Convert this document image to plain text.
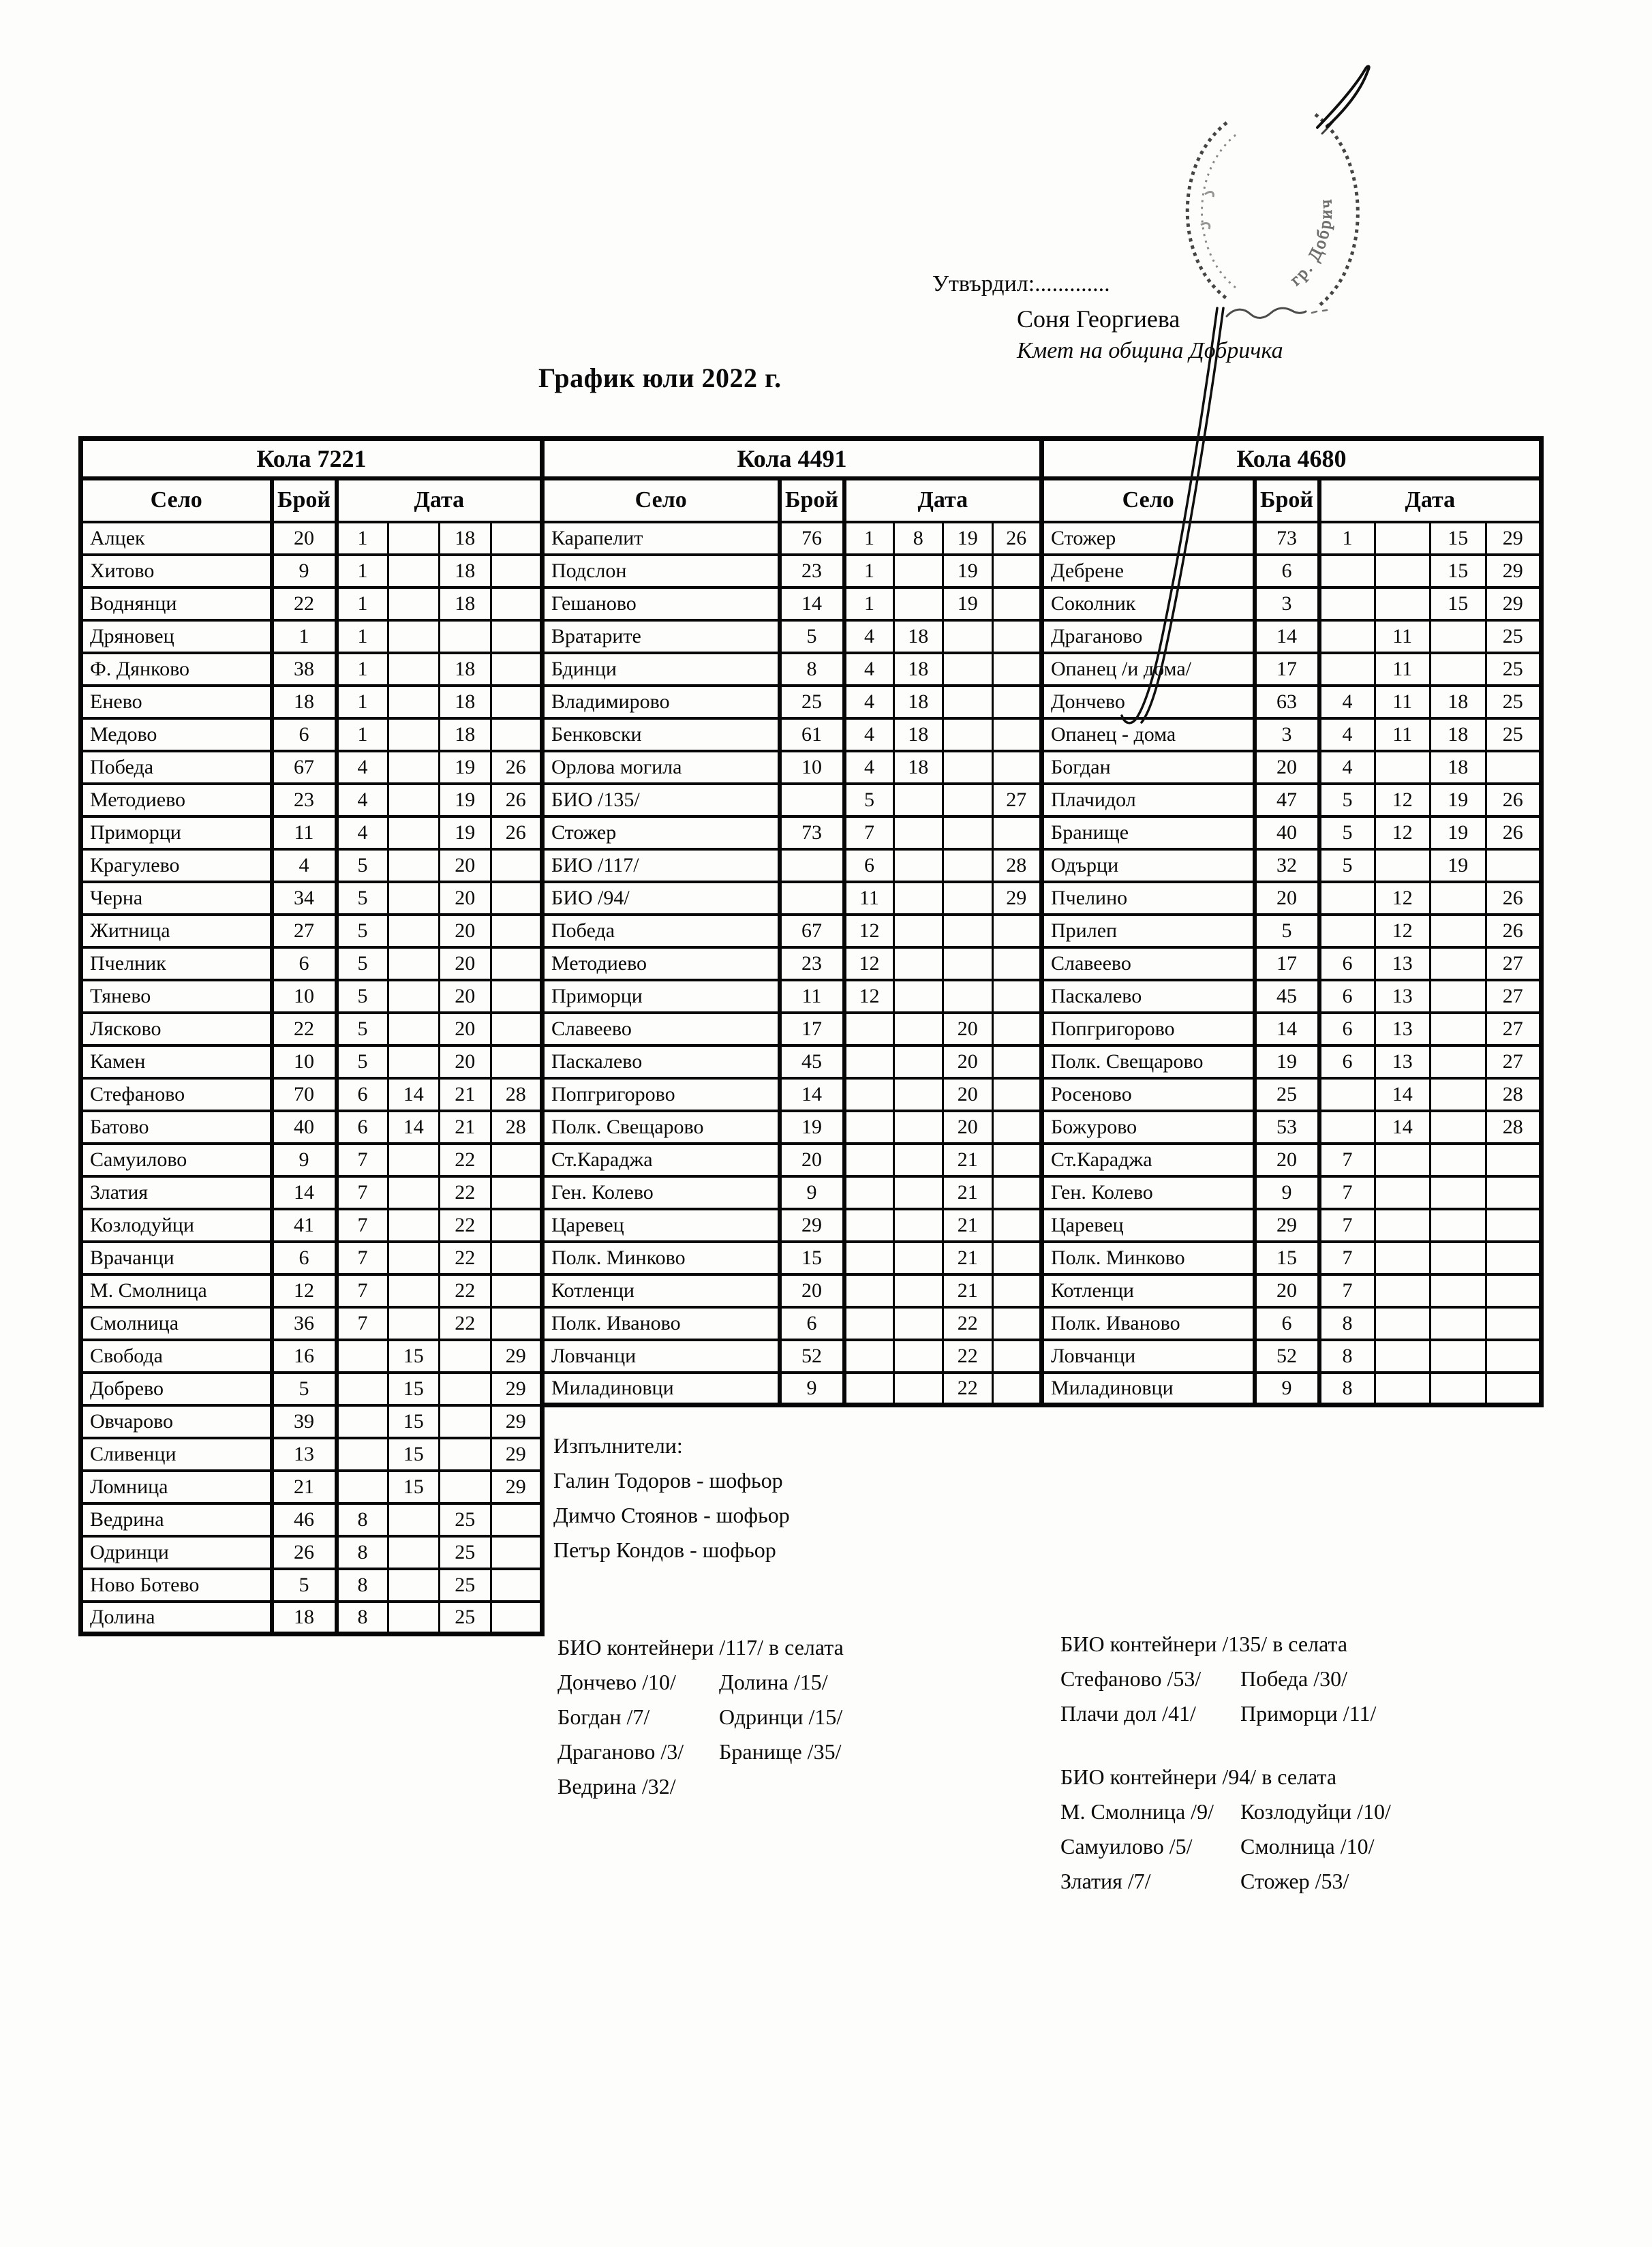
Утвърдил:.............
Соня Георгиева
Кмет на община Добричка
График юли 2022 г.
Кола 7221					
Село	Брой	Дата			
Алцек	20	1		18	
Хитово	9	1		18	
Воднянци	22	1		18	
Дряновец	1	1			
Ф. Дянково	38	1		18	
Енево	18	1		18	
Медово	6	1		18	
Победа	67	4		19	26
Методиево	23	4		19	26
Приморци	11	4		19	26
Крагулево	4	5		20	
Черна	34	5		20	
Житница	27	5		20	
Пчелник	6	5		20	
Тянево	10	5		20	
Лясково	22	5		20	
Камен	10	5		20	
Стефаново	70	6	14	21	28
Батово	40	6	14	21	28
Самуилово	9	7		22	
Златия	14	7		22	
Козлодуйци	41	7		22	
Врачанци	6	7		22	
М. Смолница	12	7		22	
Смолница	36	7		22	
Свобода	16		15		29
Добрево	5		15		29
Овчарово	39		15		29
Сливенци	13		15		29
Ломница	21		15		29
Ведрина	46	8		25	
Одринци	26	8		25	
Ново Ботево	5	8		25	
Долина	18	8		25	
Кола 4491					
Село	Брой	Дата			
Карапелит	76	1	8	19	26
Подслон	23	1		19	
Гешаново	14	1		19	
Вратарите	5	4	18		
Бдинци	8	4	18		
Владимирово	25	4	18		
Бенковски	61	4	18		
Орлова могила	10	4	18		
БИО /135/		5			27
Стожер	73	7			
БИО /117/		6			28
БИО /94/		11			29
Победа	67	12			
Методиево	23	12			
Приморци	11	12			
Славеево	17			20	
Паскалево	45			20	
Попгригорово	14			20	
Полк. Свещарово	19			20	
Ст.Караджа	20			21	
Ген. Колево	9			21	
Царевец	29			21	
Полк. Минково	15			21	
Котленци	20			21	
Полк. Иваново	6			22	
Ловчанци	52			22	
Миладиновци	9			22	
Кола 4680					
Село	Брой	Дата			
Стожер	73	1		15	29
Дебрене	6			15	29
Соколник	3			15	29
Драганово	14		11		25
Опанец /и дома/	17		11		25
Дончево	63	4	11	18	25
Опанец - дома	3	4	11	18	25
Богдан	20	4		18	
Плачидол	47	5	12	19	26
Бранище	40	5	12	19	26
Одърци	32	5		19	
Пчелино	20		12		26
Прилеп	5		12		26
Славеево	17	6	13		27
Паскалево	45	6	13		27
Попгригорово	14	6	13		27
Полк. Свещарово	19	6	13		27
Росеново	25		14		28
Божурово	53		14		28
Ст.Караджа	20	7			
Ген. Колево	9	7			
Царевец	29	7			
Полк. Минково	15	7			
Котленци	20	7			
Полк. Иваново	6	8			
Ловчанци	52	8			
Миладиновци	9	8			
Изпълнители:
Галин Тодоров - шофьор
Димчо Стоянов - шофьор
Петър Кондов - шофьор
БИО контейнери /117/ в селата
Дончево /10/
Богдан /7/
Драганово /3/
Ведрина /32/
Долина /15/
Одринци /15/
Бранище /35/
БИО контейнери /135/ в селата
Стефаново /53/
Плачи дол /41/
Победа /30/
Приморци /11/
БИО контейнери /94/ в селата
М. Смолница /9/
Самуилово /5/
Златия /7/
Козлодуйци /10/
Смолница /10/
Стожер /53/
гр. Добрич
